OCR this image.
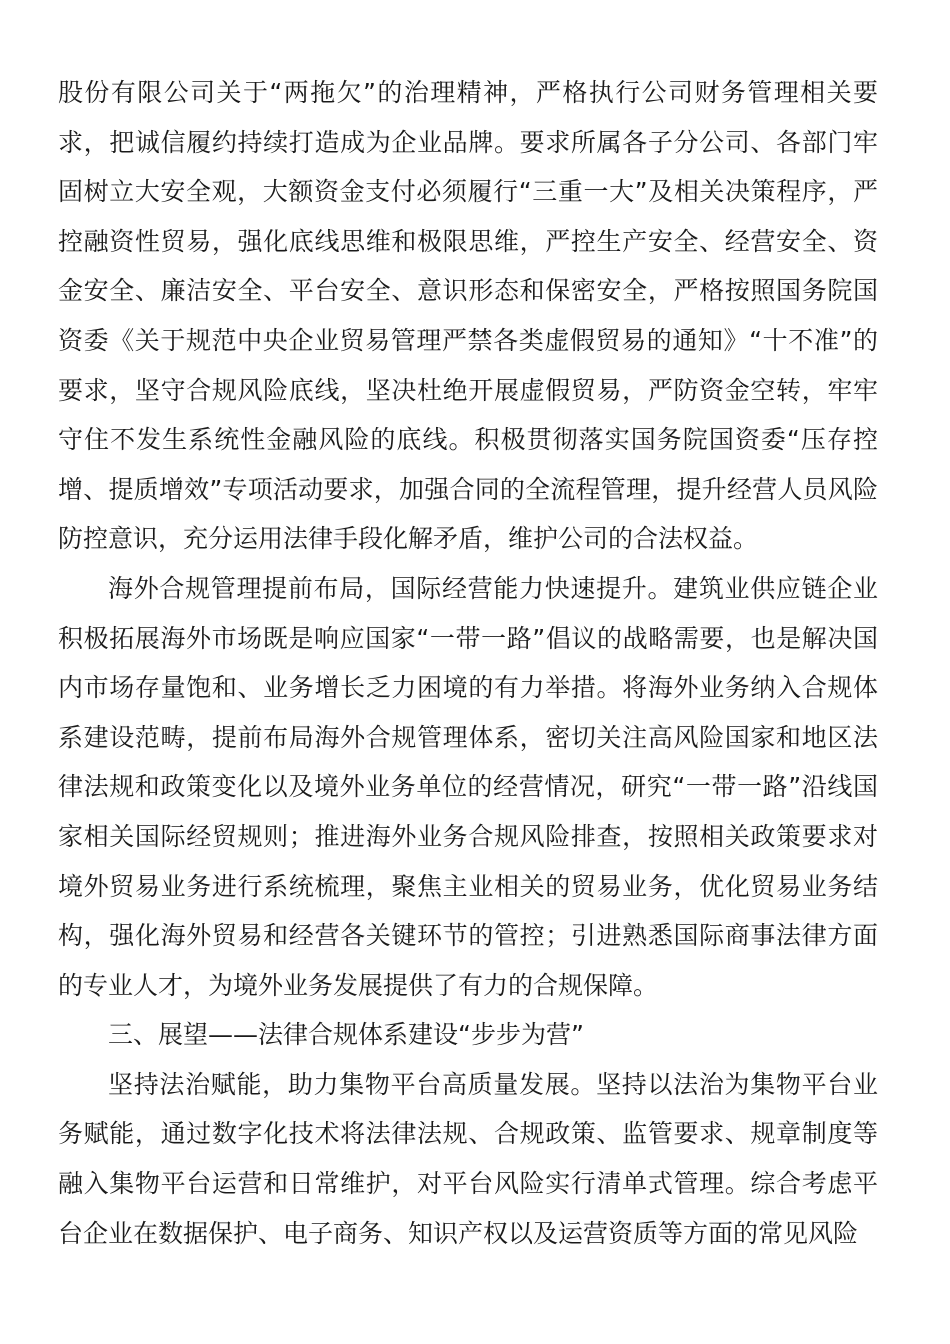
股份有限公司关于“两拖欠”的治理精神，严格执行公司财务管理相关要求，把诚信履约持续打造成为企业品牌。要求所属各子分公司、各部门牢固树立大安全观，大额资金支付必须履行“三重一大”及相关决策程序，严控融资性贸易，强化底线思维和极限思维，严控生产安全、经营安全、资金安全、廉洁安全、平台安全、意识形态和保密安全，严格按照国务院国资委《关于规范中央企业贸易管理严禁各类虚假贸易的通知》“十不准”的要求，坚守合规风险底线，坚决杜绝开展虚假贸易，严防资金空转，牢牢守住不发生系统性金融风险的底线。积极贯彻落实国务院国资委“压存控增、提质增效”专项活动要求，加强合同的全流程管理，提升经营人员风险防控意识，充分运用法律手段化解矛盾，维护公司的合法权益。

海外合规管理提前布局，国际经营能力快速提升。建筑业供应链企业积极拓展海外市场既是响应国家“一带一路”倡议的战略需要，也是解决国内市场存量饱和、业务增长乏力困境的有力举措。将海外业务纳入合规体系建设范畴，提前布局海外合规管理体系，密切关注高风险国家和地区法律法规和政策变化以及境外业务单位的经营情况，研究“一带一路”沿线国家相关国际经贸规则；推进海外业务合规风险排查，按照相关政策要求对境外贸易业务进行系统梳理，聚焦主业相关的贸易业务，优化贸易业务结构，强化海外贸易和经营各关键环节的管控；引进熟悉国际商事法律方面的专业人才，为境外业务发展提供了有力的合规保障。

三、展望——法律合规体系建设“步步为营”

坚持法治赋能，助力集物平台高质量发展。坚持以法治为集物平台业务赋能，通过数字化技术将法律法规、合规政策、监管要求、规章制度等融入集物平台运营和日常维护，对平台风险实行清单式管理。综合考虑平台企业在数据保护、电子商务、知识产权以及运营资质等方面的常见风险
